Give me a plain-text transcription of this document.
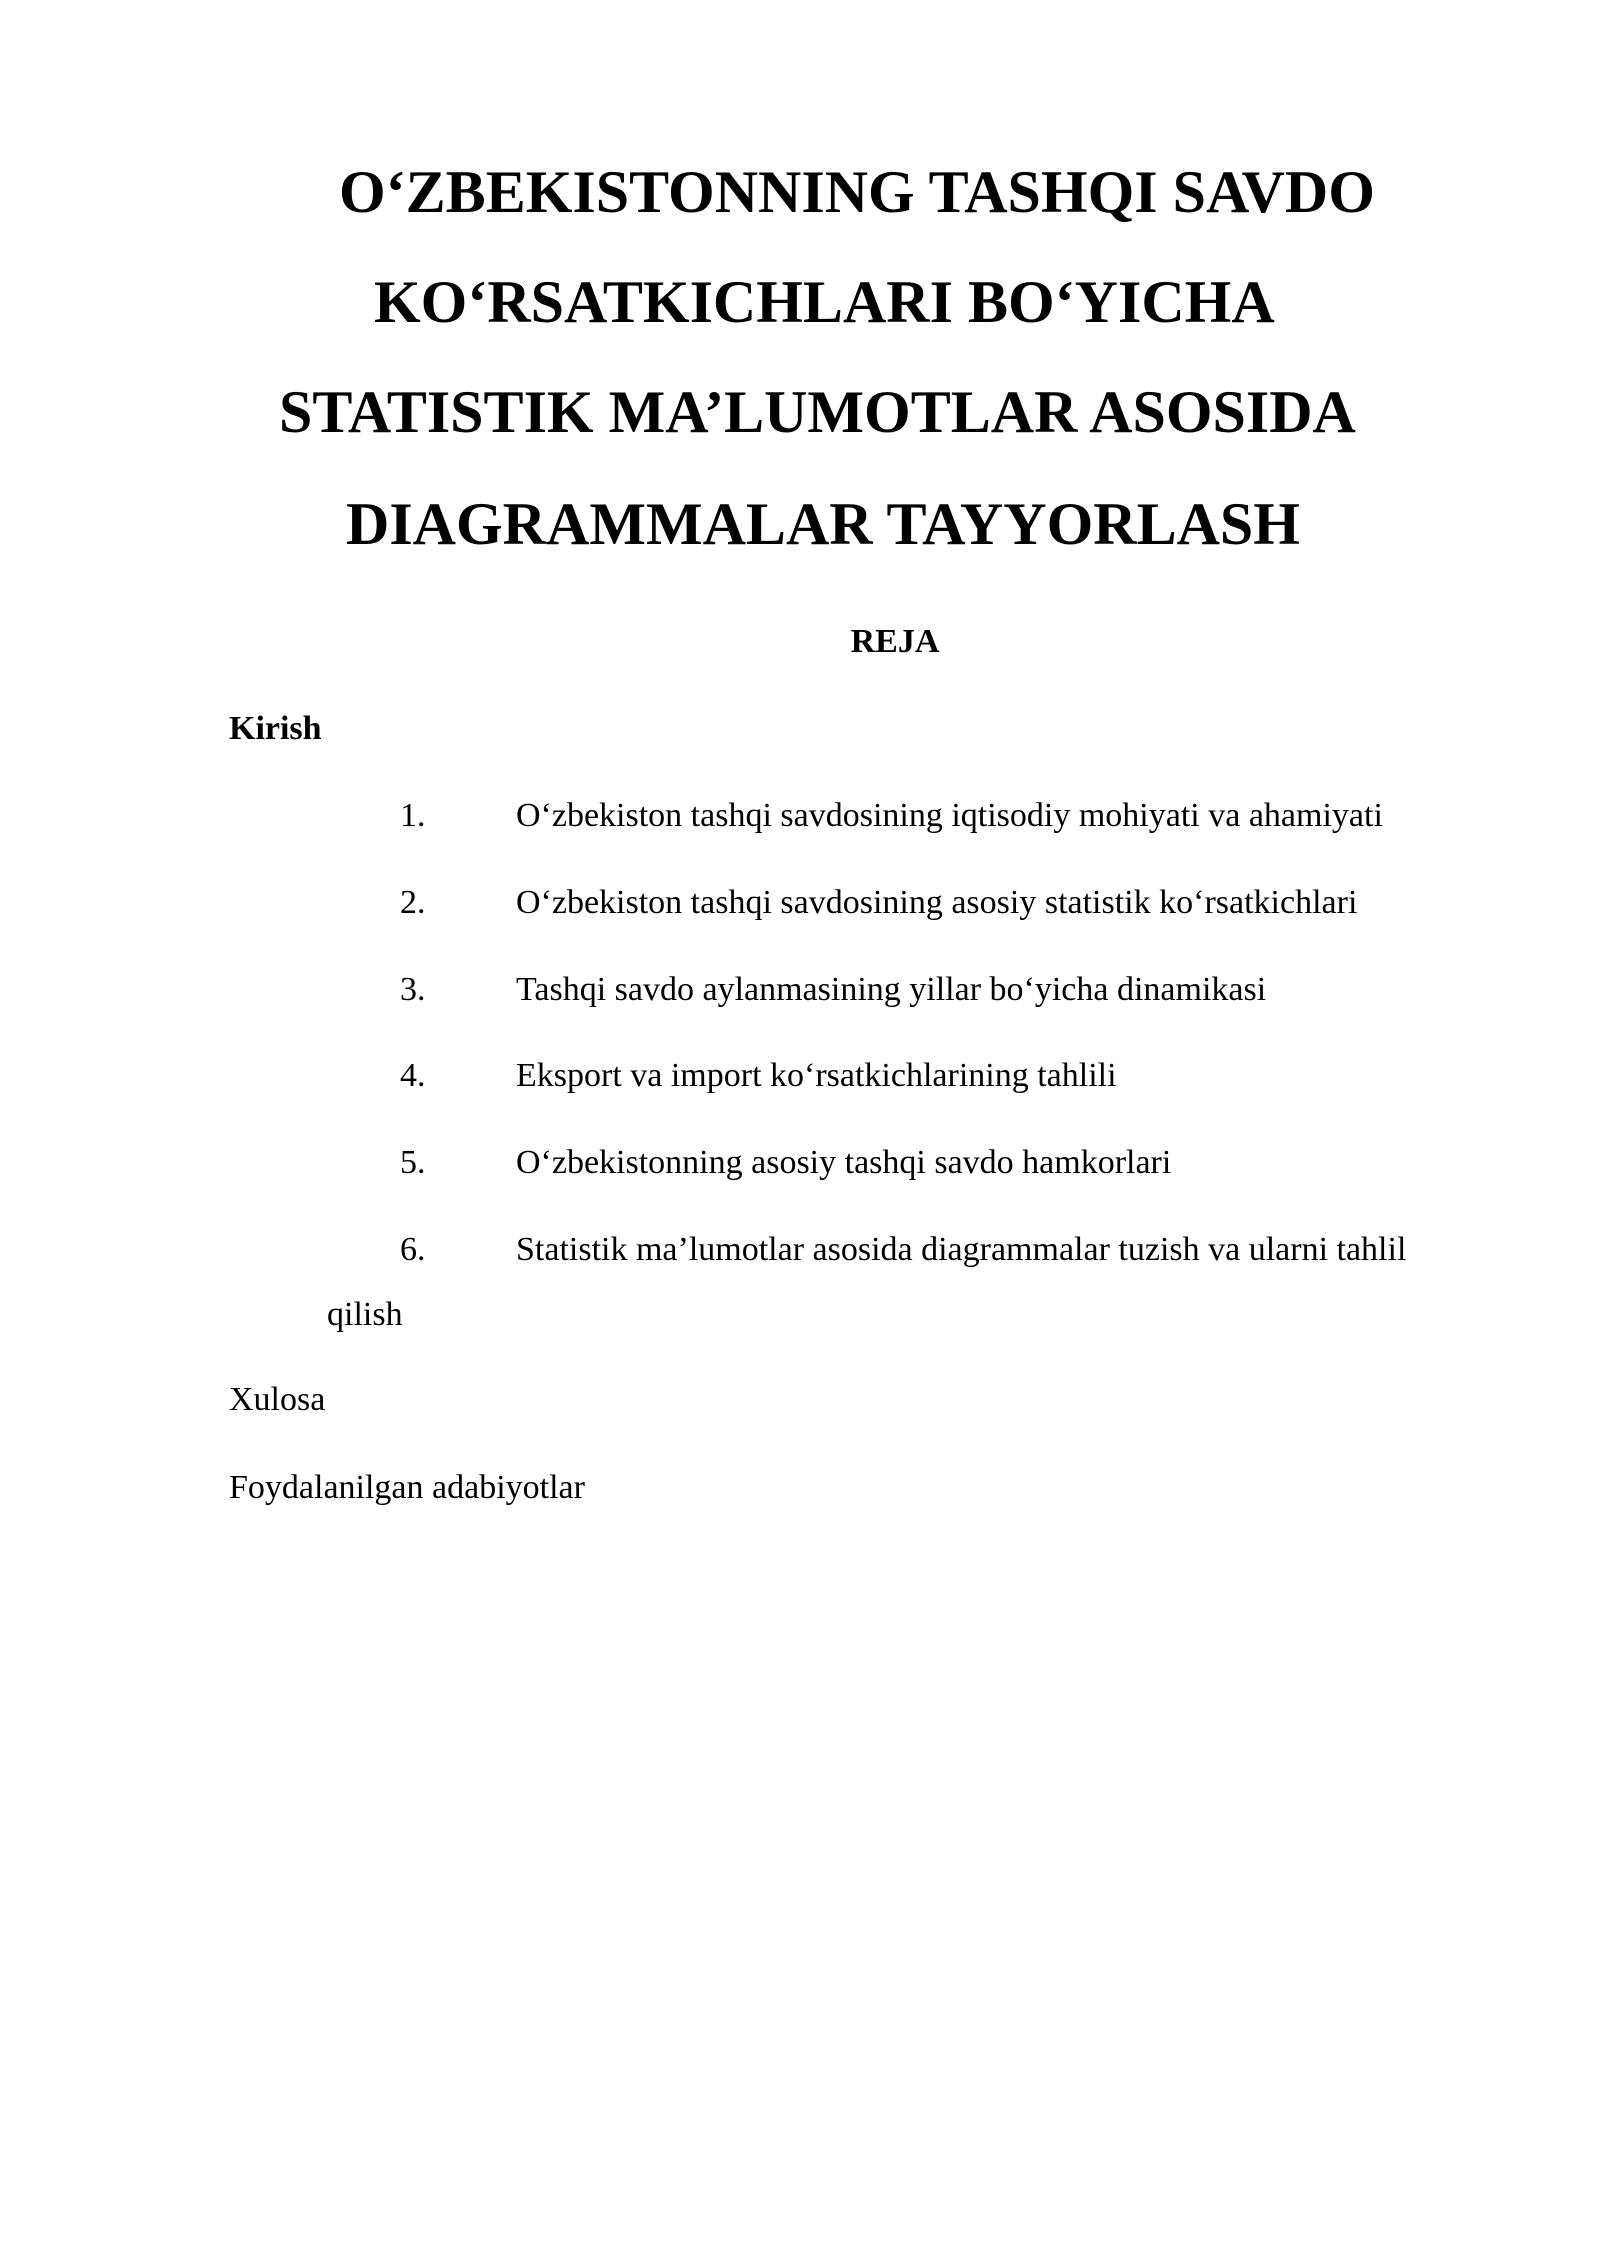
O‘ZBEKISTONNING TASHQI SAVDO
KO‘RSATKICHLARI BO‘YICHA
STATISTIK MA’LUMOTLAR ASOSIDA
DIAGRAMMALAR TAYYORLASH
REJA
Kirish
1.	O‘zbekiston tashqi savdosining iqtisodiy mohiyati va ahamiyati
2.	O‘zbekiston tashqi savdosining asosiy statistik ko‘rsatkichlari
3.	Tashqi savdo aylanmasining yillar bo‘yicha dinamikasi
4.	Eksport va import ko‘rsatkichlarining tahlili
5.	O‘zbekistonning asosiy tashqi savdo hamkorlari
6.	Statistik ma’lumotlar asosida diagrammalar tuzish va ularni tahlil
qilish
Xulosa
Foydalanilgan adabiyotlar
